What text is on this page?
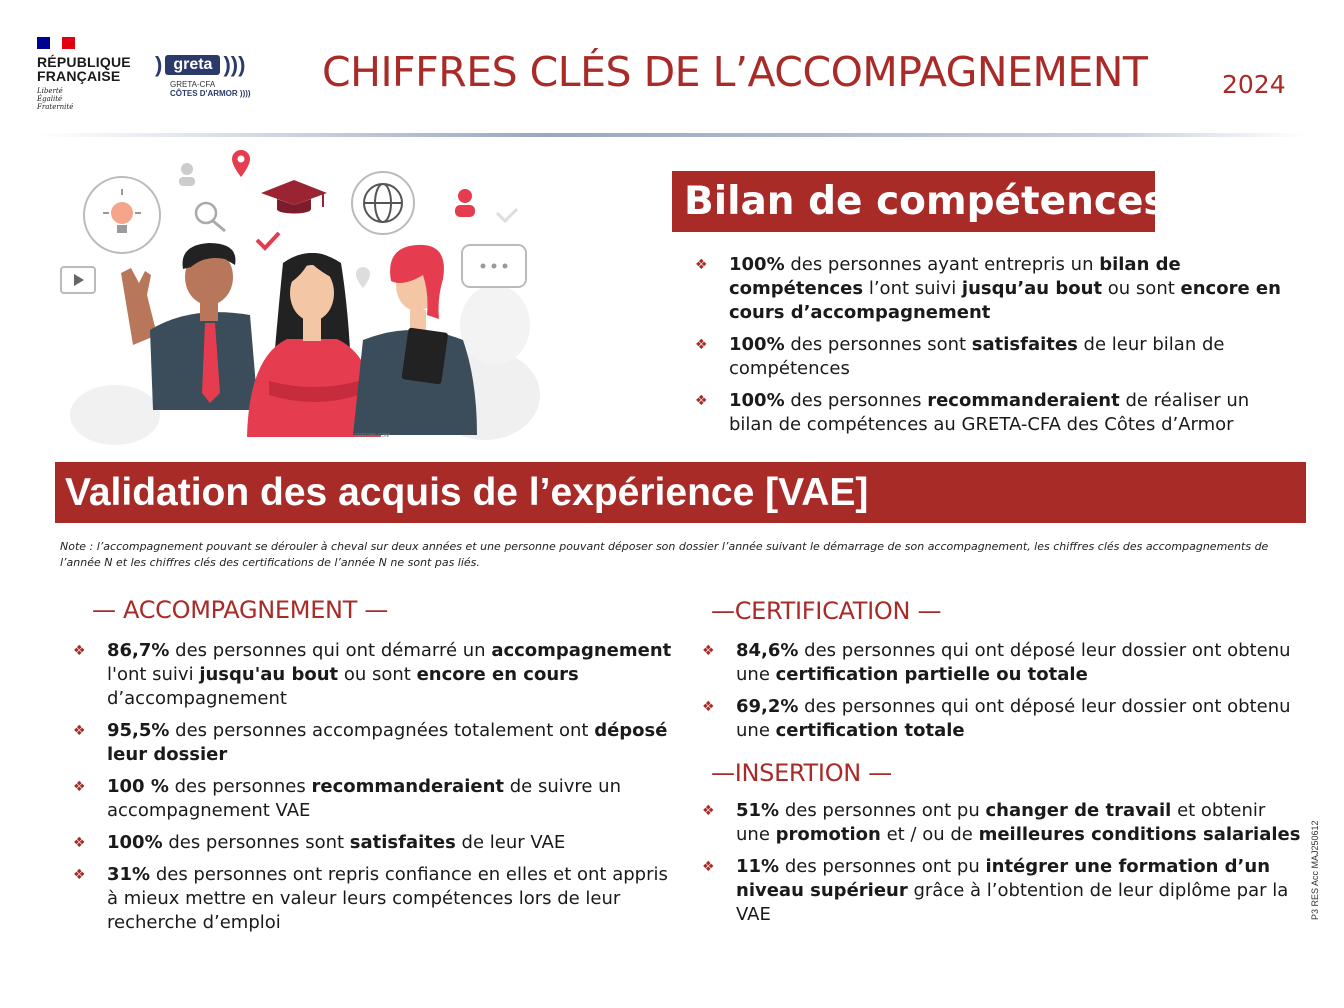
RÉPUBLIQUE
FRANÇAISE
Liberté
Égalité
Fraternité
) greta )))
GRETA-CFA
CÔTES D'ARMOR ))))	CHIFFRES CLÉS DE L’ACCOMPAGNEMENT	2024
FREEPIK.COM
Bilan de compétences
❖ 100% des personnes ayant entrepris un bilan de compétences l’ont suivi jusqu’au bout ou sont encore en cours d’accompagnement
❖ 100% des personnes sont satisfaites de leur bilan de compétences
❖ 100% des personnes recommanderaient de réaliser un bilan de compétences au GRETA-CFA des Côtes d’Armor
Validation des acquis de l’expérience [VAE]
Note : l’accompagnement pouvant se dérouler à cheval sur deux années et une personne pouvant déposer son dossier l’année suivant le démarrage de son accompagnement, les chiffres clés des accompagnements de l’année N et les chiffres clés des certifications de l’année N ne sont pas liés.
— ACCOMPAGNEMENT —
❖ 86,7% des personnes qui ont démarré un accompagnement l'ont suivi jusqu'au bout ou sont encore en cours d’accompagnement
❖ 95,5% des personnes accompagnées totalement ont déposé leur dossier
❖ 100 % des personnes recommanderaient de suivre un accompagnement VAE
❖ 100% des personnes sont satisfaites de leur VAE
❖ 31% des personnes ont repris confiance en elles et ont appris à mieux mettre en valeur leurs compétences lors de leur recherche d’emploi
—CERTIFICATION —
❖ 84,6% des personnes qui ont déposé leur dossier ont obtenu une certification partielle ou totale
❖ 69,2% des personnes qui ont déposé leur dossier ont obtenu une certification totale
—INSERTION —
❖ 51% des personnes ont pu changer de travail et obtenir une promotion et / ou de meilleures conditions salariales
❖ 11% des personnes ont pu intégrer une formation d’un niveau supérieur grâce à l’obtention de leur diplôme par la VAE	P3 RES Acc MAJ250612
